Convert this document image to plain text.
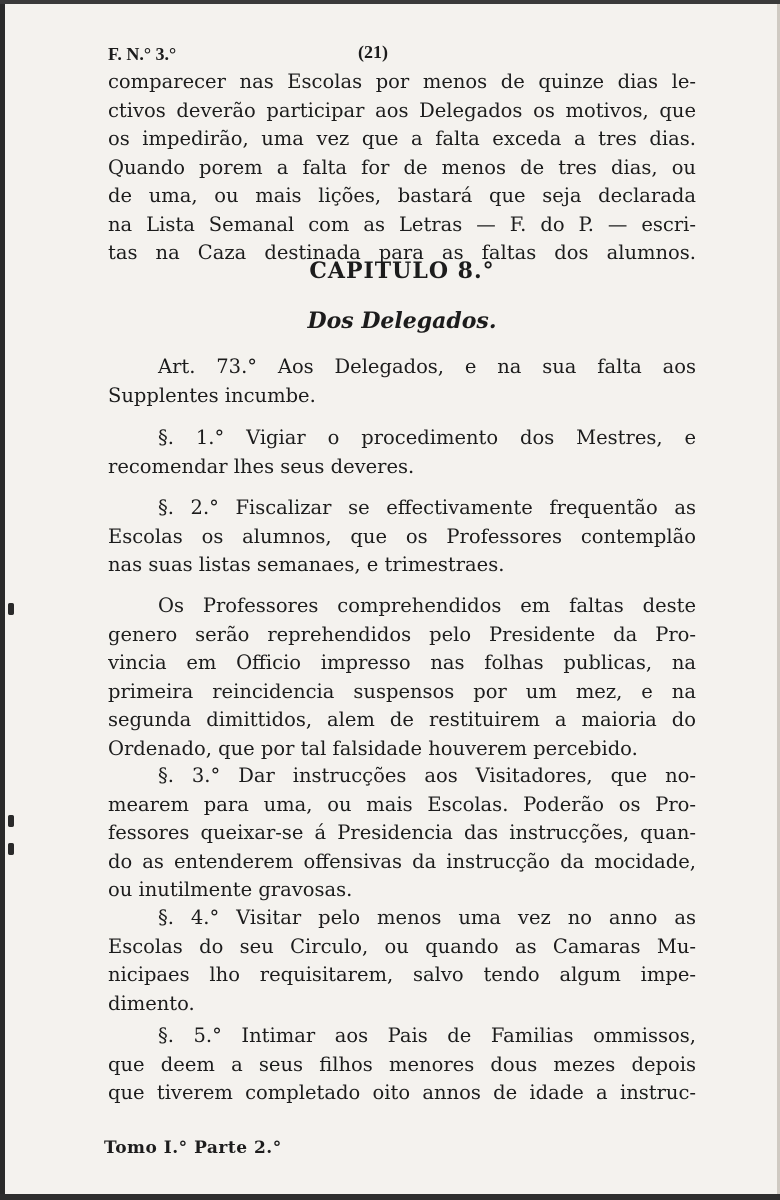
F. N.° 3.°	(21)
comparecer nas Escolas por menos de quinze dias le-
ctivos deverão participar aos Delegados os motivos, que
os impedirão, uma vez que a falta exceda a tres dias.
Quando porem a falta for de menos de tres dias, ou
de uma, ou mais lições, bastará que seja declarada
na Lista Semanal com as Letras — F. do P. — escri-
tas na Caza destinada para as faltas dos alumnos.
CAPITULO 8.°
Dos Delegados.
Art. 73.° Aos Delegados, e na sua falta aos
Supplentes incumbe.
§. 1.° Vigiar o procedimento dos Mestres, e
recomendar lhes seus deveres.
§. 2.° Fiscalizar se effectivamente frequentão as
Escolas os alumnos, que os Professores contemplão
nas suas listas semanaes, e trimestraes.
Os Professores comprehendidos em faltas deste
genero serão reprehendidos pelo Presidente da Pro-
vincia em Officio impresso nas folhas publicas, na
primeira reincidencia suspensos por um mez, e na
segunda dimittidos, alem de restituirem a maioria do
Ordenado, que por tal falsidade houverem percebido.
§. 3.° Dar instrucções aos Visitadores, que no-
mearem para uma, ou mais Escolas. Poderão os Pro-
fessores queixar-se á Presidencia das instrucções, quan-
do as entenderem offensivas da instrucção da mocidade,
ou inutilmente gravosas.
§. 4.° Visitar pelo menos uma vez no anno as
Escolas do seu Circulo, ou quando as Camaras Mu-
nicipaes lho requisitarem, salvo tendo algum impe-
dimento.
§. 5.° Intimar aos Pais de Familias ommissos,
que deem a seus filhos menores dous mezes depois
que tiverem completado oito annos de idade a instruc-
Tomo I.° Parte 2.°
